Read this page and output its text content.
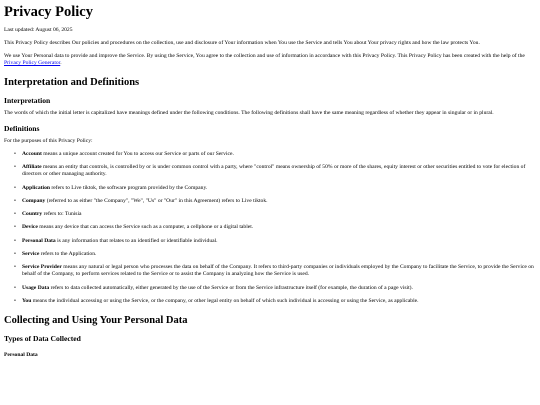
Privacy Policy

Last updated: August 06, 2025

This Privacy Policy describes Our policies and procedures on the collection, use and disclosure of Your information when You use the Service and tells You about Your privacy rights and how the law protects You.

We use Your Personal data to provide and improve the Service. By using the Service, You agree to the collection and use of information in accordance with this Privacy Policy. This Privacy Policy has been created with the help of the Privacy Policy Generator.

Interpretation and Definitions
Interpretation

The words of which the initial letter is capitalized have meanings defined under the following conditions. The following definitions shall have the same meaning regardless of whether they appear in singular or in plural.

Definitions

For the purposes of this Privacy Policy:

• Account means a unique account created for You to access our Service or parts of our Service.
• Affiliate means an entity that controls, is controlled by or is under common control with a party, where "control" means ownership of 50% or more of the shares, equity interest or other securities entitled to vote for election of directors or other managing authority.
• Application refers to Live tiktok, the software program provided by the Company.
• Company (referred to as either "the Company", "We", "Us" or "Our" in this Agreement) refers to Live tiktok.
• Country refers to: Tunisia
• Device means any device that can access the Service such as a computer, a cellphone or a digital tablet.
• Personal Data is any information that relates to an identified or identifiable individual.
• Service refers to the Application.
• Service Provider means any natural or legal person who processes the data on behalf of the Company. It refers to third-party companies or individuals employed by the Company to facilitate the Service, to provide the Service on behalf of the Company, to perform services related to the Service or to assist the Company in analyzing how the Service is used.
• Usage Data refers to data collected automatically, either generated by the use of the Service or from the Service infrastructure itself (for example, the duration of a page visit).
• You means the individual accessing or using the Service, or the company, or other legal entity on behalf of which such individual is accessing or using the Service, as applicable.
Collecting and Using Your Personal Data
Types of Data Collected
Personal Data
